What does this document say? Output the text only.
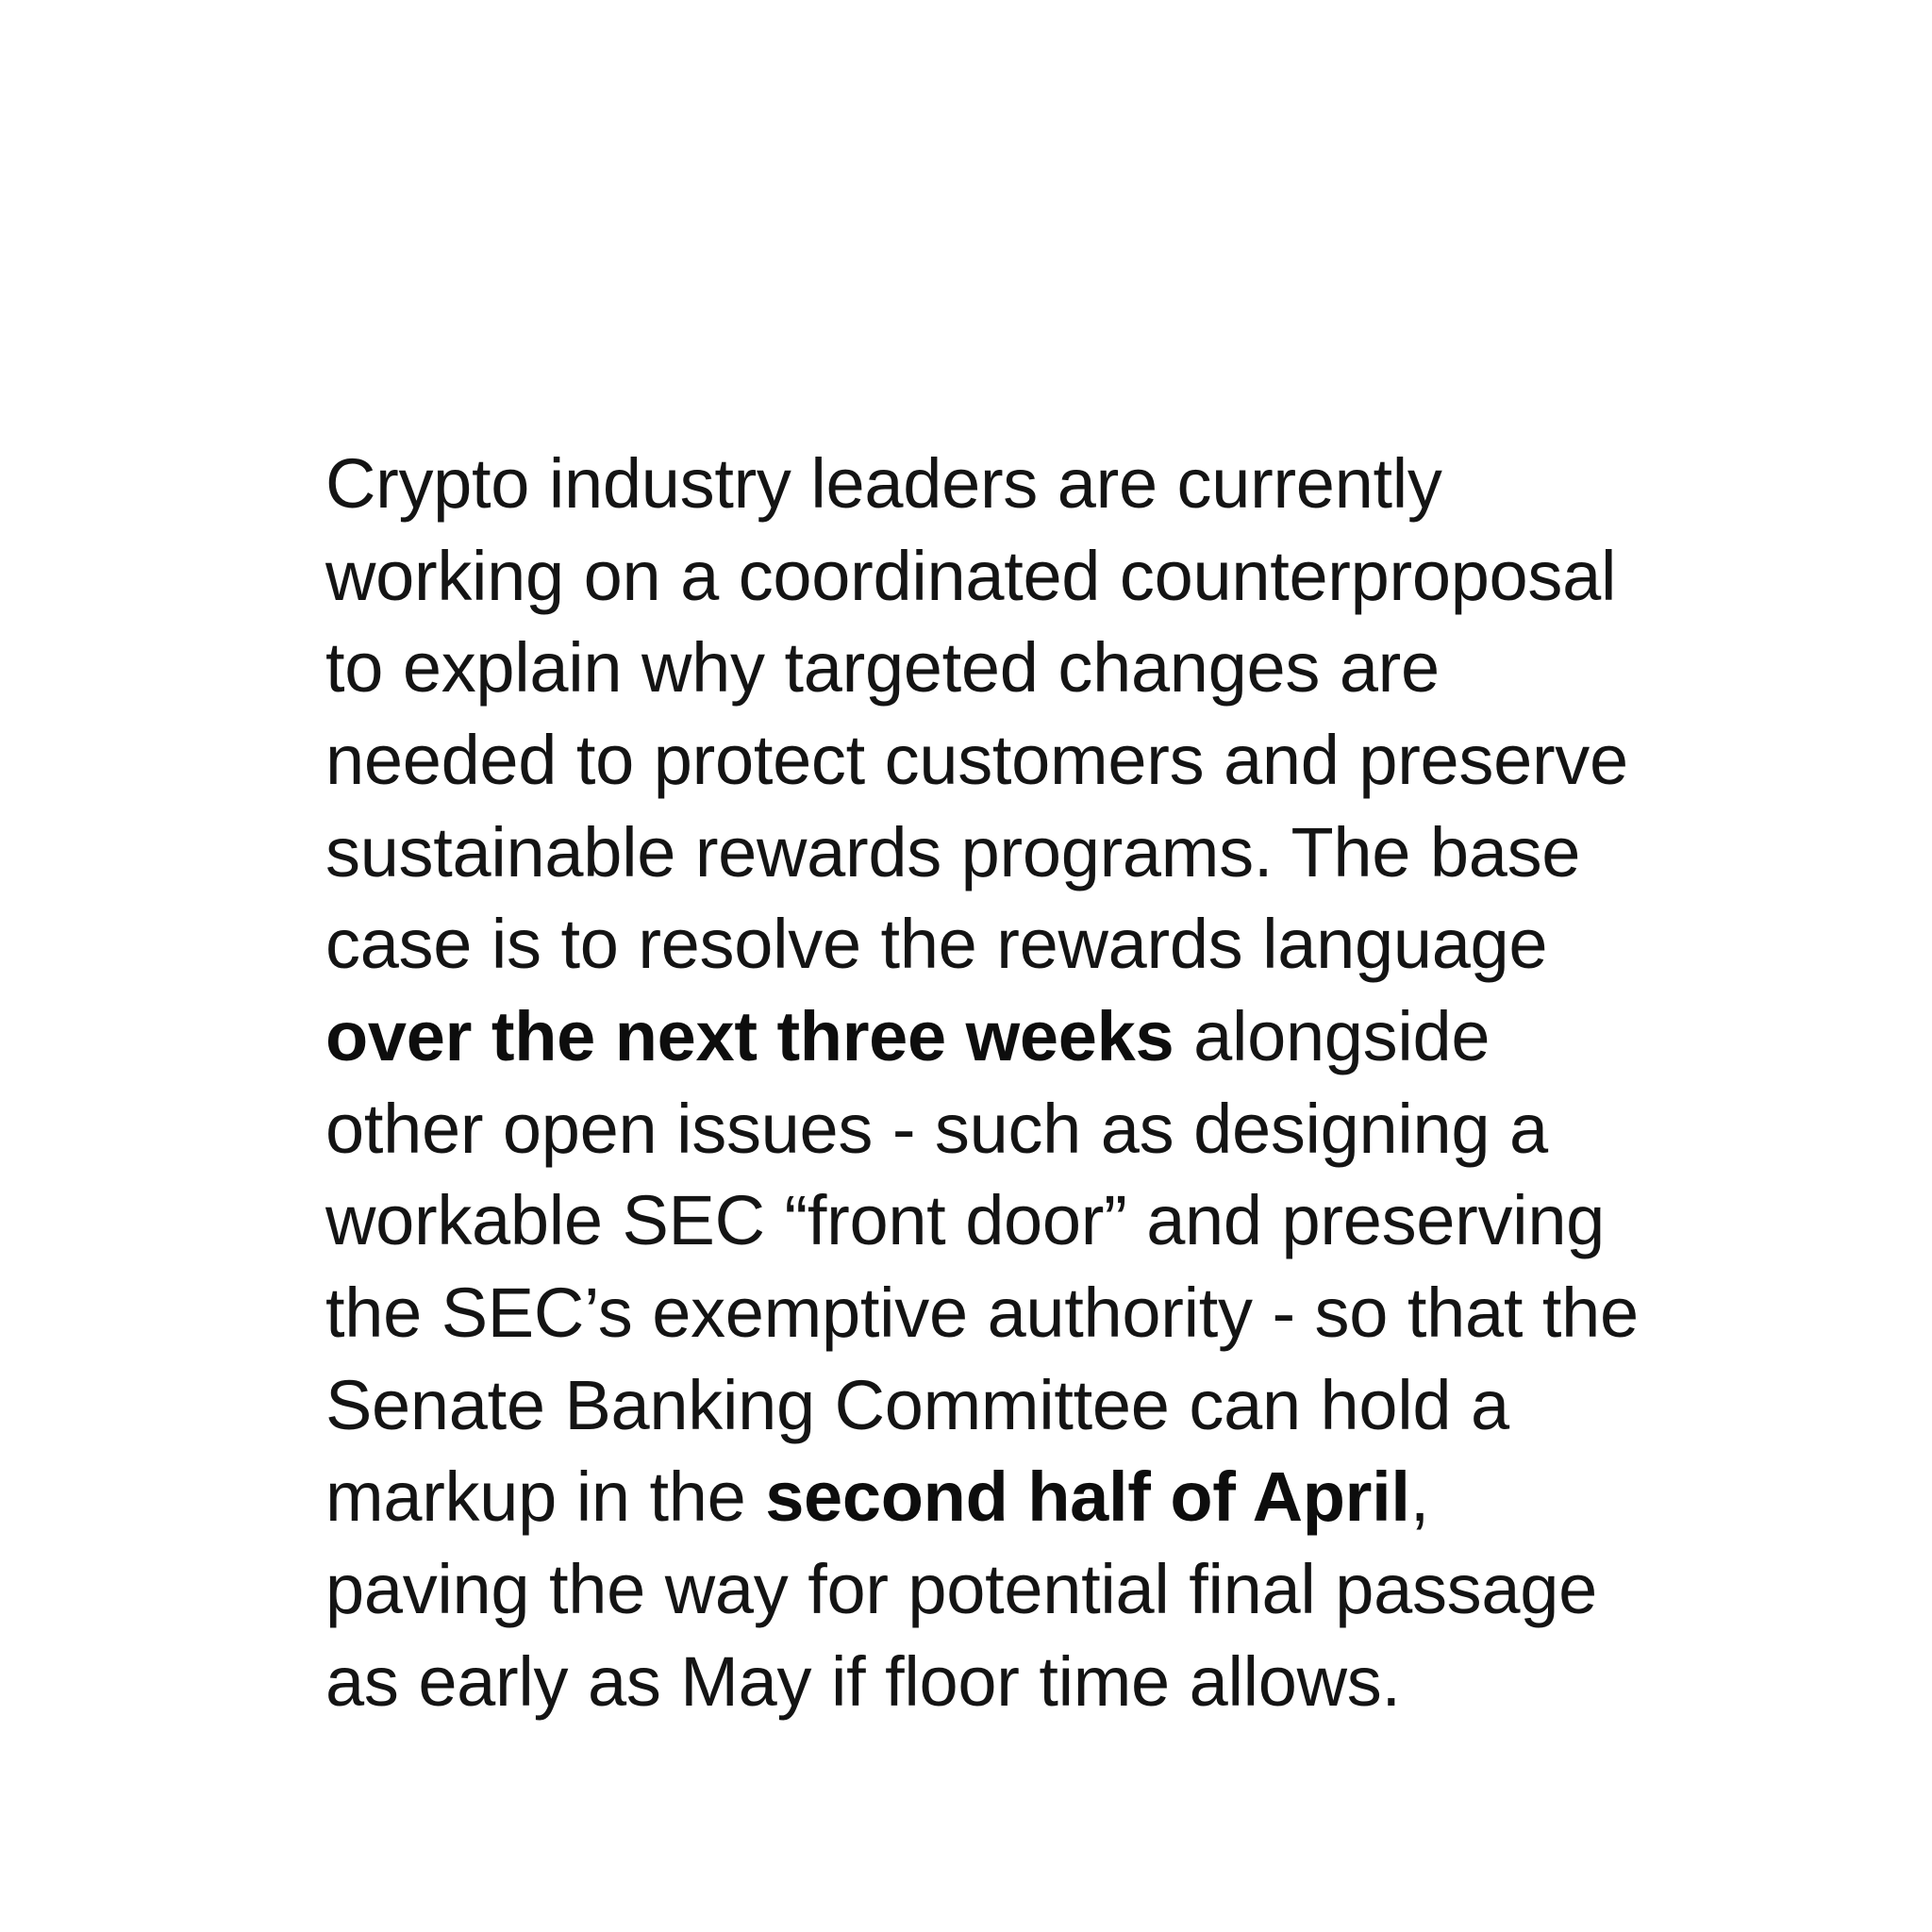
Crypto industry leaders are currently working on a coordinated counterproposal to explain why targeted changes are needed to protect customers and preserve sustainable rewards programs. The base case is to resolve the rewards language over the next three weeks alongside other open issues - such as designing a workable SEC “front door” and preserving the SEC’s exemptive authority - so that the Senate Banking Committee can hold a markup in the second half of April, paving the way for potential final passage as early as May if floor time allows.
